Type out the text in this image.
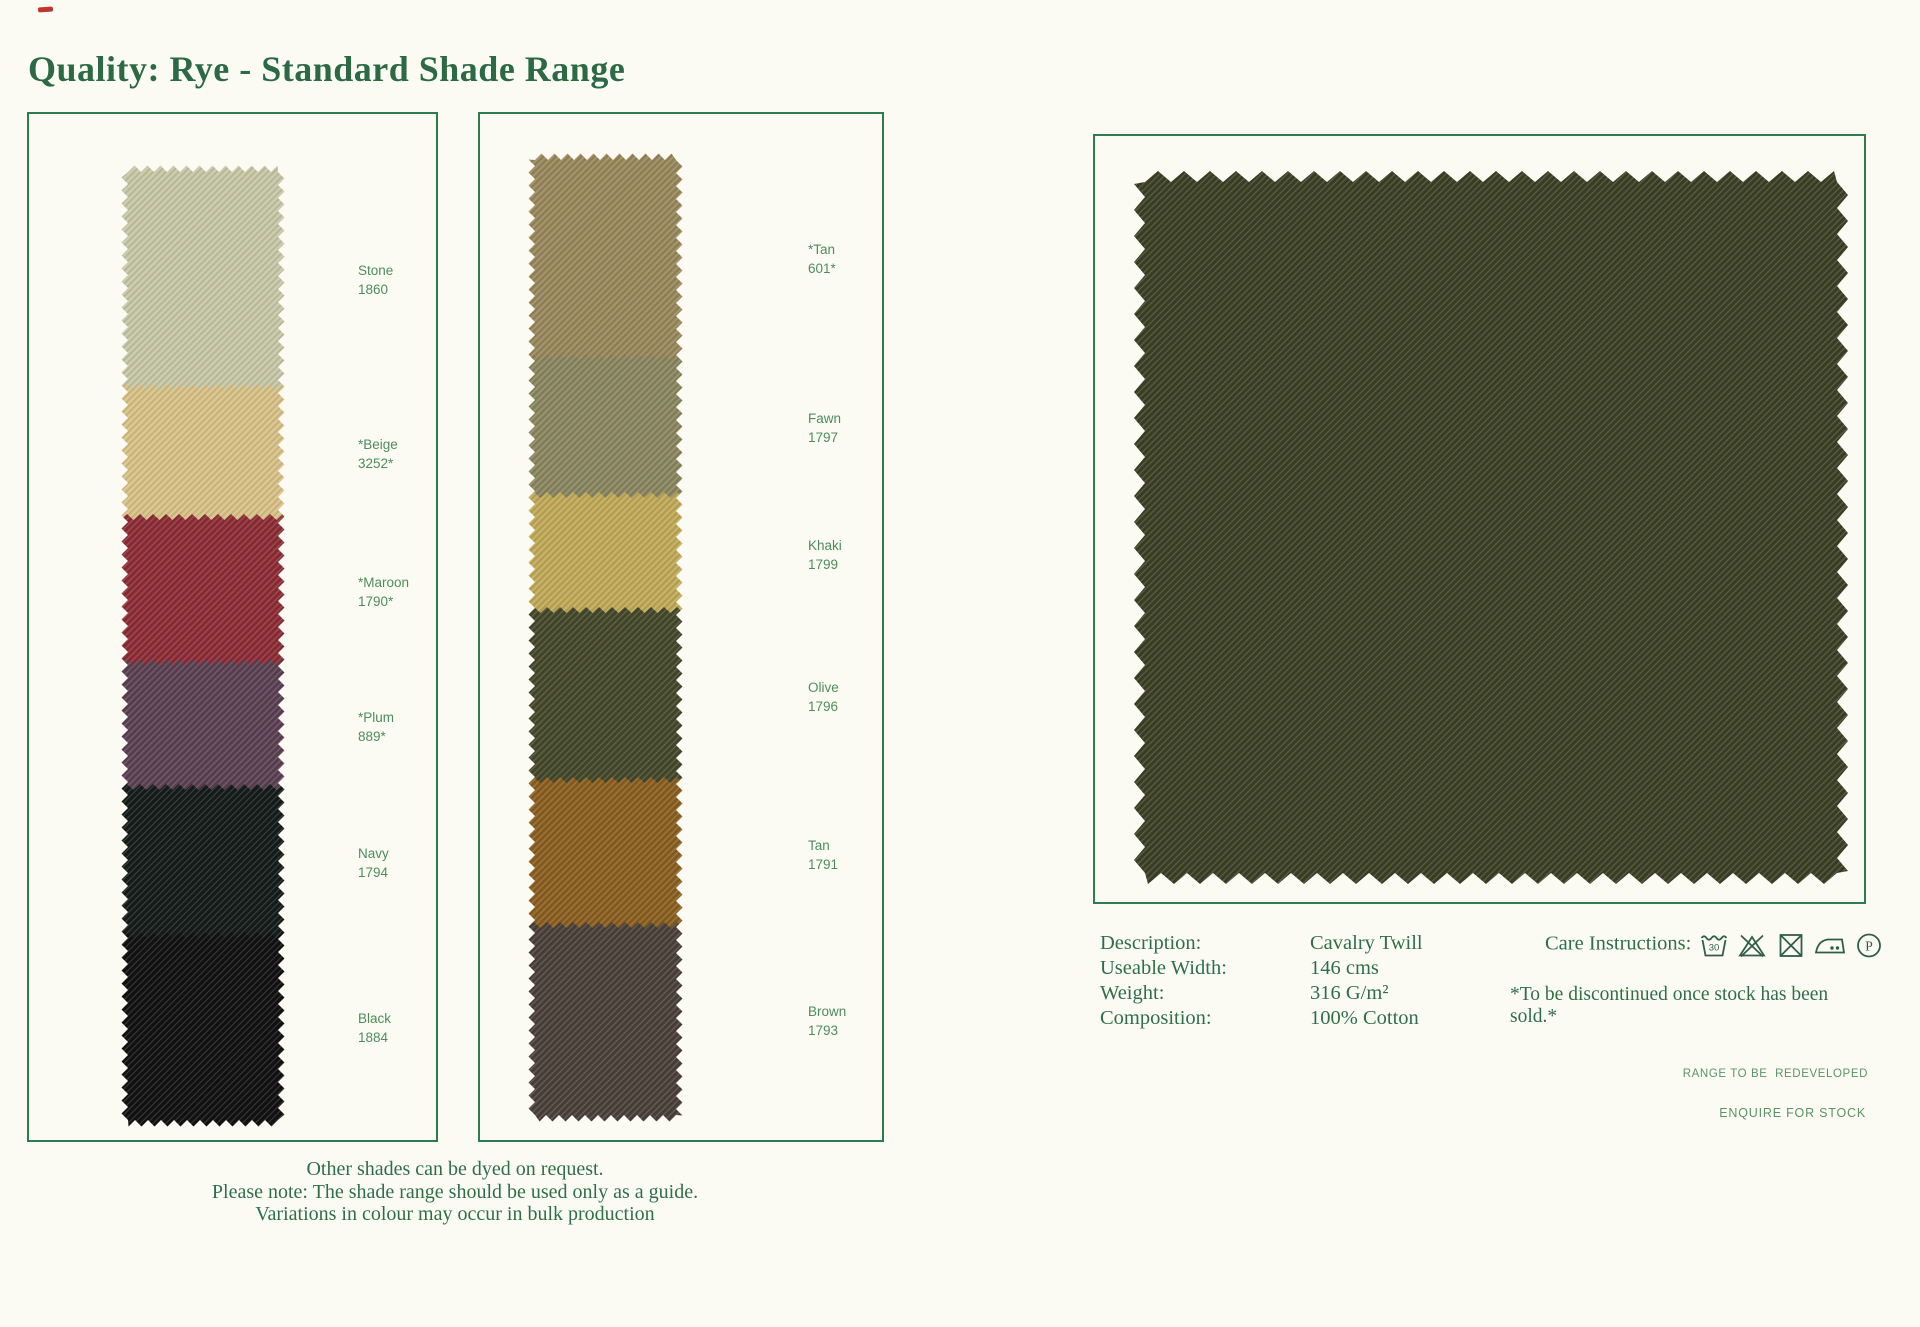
Quality: Rye - Standard Shade Range
Stone
1860
*Beige
3252*
*Maroon
1790*
*Plum
889*
Navy
1794
Black
1884
*Tan
601*
Fawn
1797
Khaki
1799
Olive
1796
Tan
1791
Brown
1793
Other shades can be dyed on request.
Please note: The shade range should be used only as a guide.
Variations in colour may occur in bulk production
Description:	Cavalry Twill
Useable Width:	146 cms
Weight:	316 G/m²
Composition:	100% Cotton
Care Instructions: 30
	P
*To be discontinued once stock has been sold.*
RANGE TO BE  REDEVELOPED
ENQUIRE FOR STOCK
